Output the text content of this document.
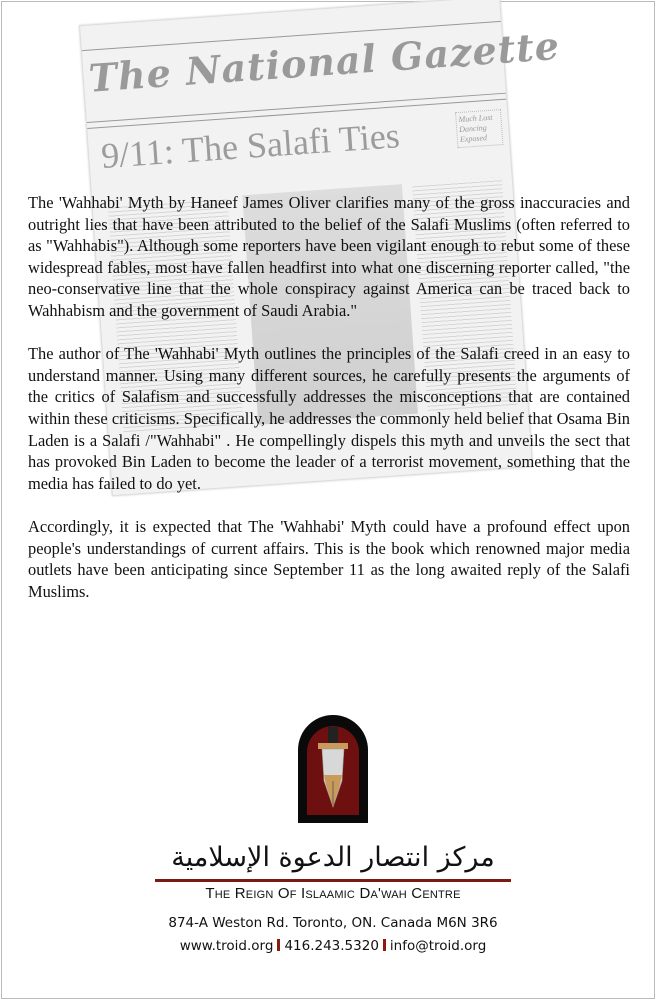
The National Gazette
9/11: The Salafi Ties	Much Lost Dancing Exposed

The 'Wahhabi' Myth by Haneef James Oliver clarifies many of the gross inaccuracies and outright lies that have been attributed to the belief of the Salafi Muslims (often referred to as "Wahhabis"). Although some reporters have been vigilant enough to rebut some of these widespread fables, most have fallen headfirst into what one discerning reporter called, "the neo-conservative line that the whole conspiracy against America can be traced back to Wahhabism and the government of Saudi Arabia."

The author of The 'Wahhabi' Myth outlines the principles of the Salafi creed in an easy to understand manner. Using many different sources, he carefully presents the arguments of the critics of Salafism and successfully addresses the misconceptions that are contained within these criticisms. Specifically, he addresses the commonly held belief that Osama Bin Laden is a Salafi /"Wahhabi" . He compellingly dispels this myth and unveils the sect that has provoked Bin Laden to become the leader of a terrorist movement, something that the media has failed to do yet.

Accordingly, it is expected that The 'Wahhabi' Myth could have a profound effect upon people's understandings of current affairs. This is the book which renowned major media outlets have been anticipating since September 11 as the long awaited reply of the Salafi Muslims.

مركز انتصار الدعوة الإسلامية
The Reign Of Islaamic Da'wah Centre
874-A Weston Rd. Toronto, ON. Canada M6N 3R6
www.troid.org 416.243.5320 info@troid.org
